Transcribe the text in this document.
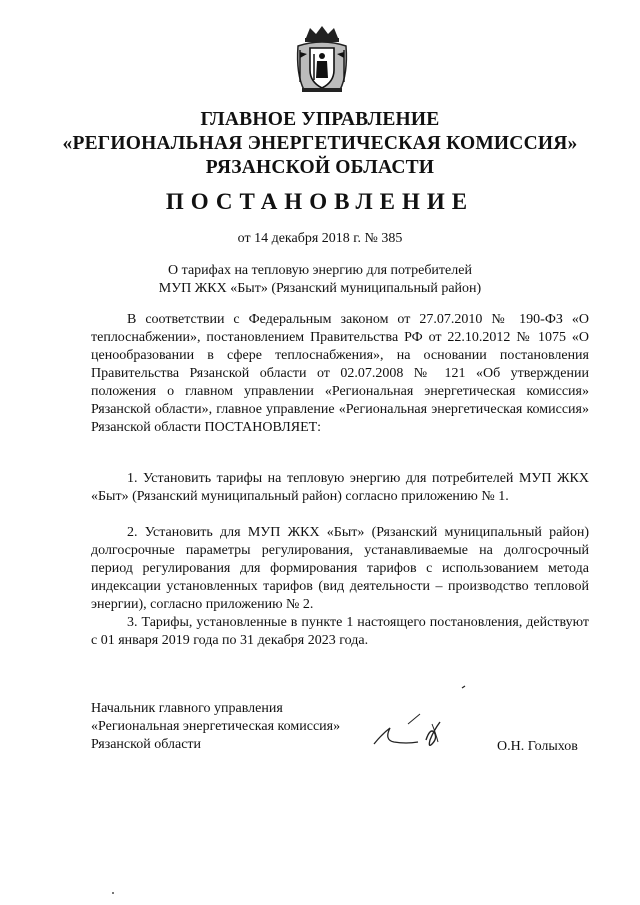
ГЛАВНОЕ УПРАВЛЕНИЕ
«РЕГИОНАЛЬНАЯ ЭНЕРГЕТИЧЕСКАЯ КОМИССИЯ»
РЯЗАНСКОЙ ОБЛАСТИ
ПОСТАНОВЛЕНИЕ
от 14 декабря 2018 г. № 385
О тарифах на тепловую энергию для потребителей
МУП ЖКХ «Быт» (Рязанский муниципальный район)

В соответствии с Федеральным законом от 27.07.2010 № 190-ФЗ «О теплоснабжении», постановлением Правительства РФ от 22.10.2012 № 1075 «О ценообразовании в сфере теплоснабжения», на основании постановления Правительства Рязанской области от 02.07.2008 № 121 «Об утверждении положения о главном управлении «Региональная энергетическая комиссия» Рязанской области», главное управление «Региональная энергетическая комиссия» Рязанской области ПОСТАНОВЛЯЕТ:

1. Установить тарифы на тепловую энергию для потребителей МУП ЖКХ «Быт» (Рязанский муниципальный район) согласно приложению № 1.

2. Установить для МУП ЖКХ «Быт» (Рязанский муниципальный район) долгосрочные параметры регулирования, устанавливаемые на долгосрочный период регулирования для формирования тарифов с использованием метода индексации установленных тарифов (вид деятельности – производство тепловой энергии), согласно приложению № 2.

3. Тарифы, установленные в пункте 1 настоящего постановления, действуют с 01 января 2019 года по 31 декабря 2023 года.

Начальник главного управления
«Региональная энергетическая комиссия»
Рязанской области	О.Н. Голыхов
